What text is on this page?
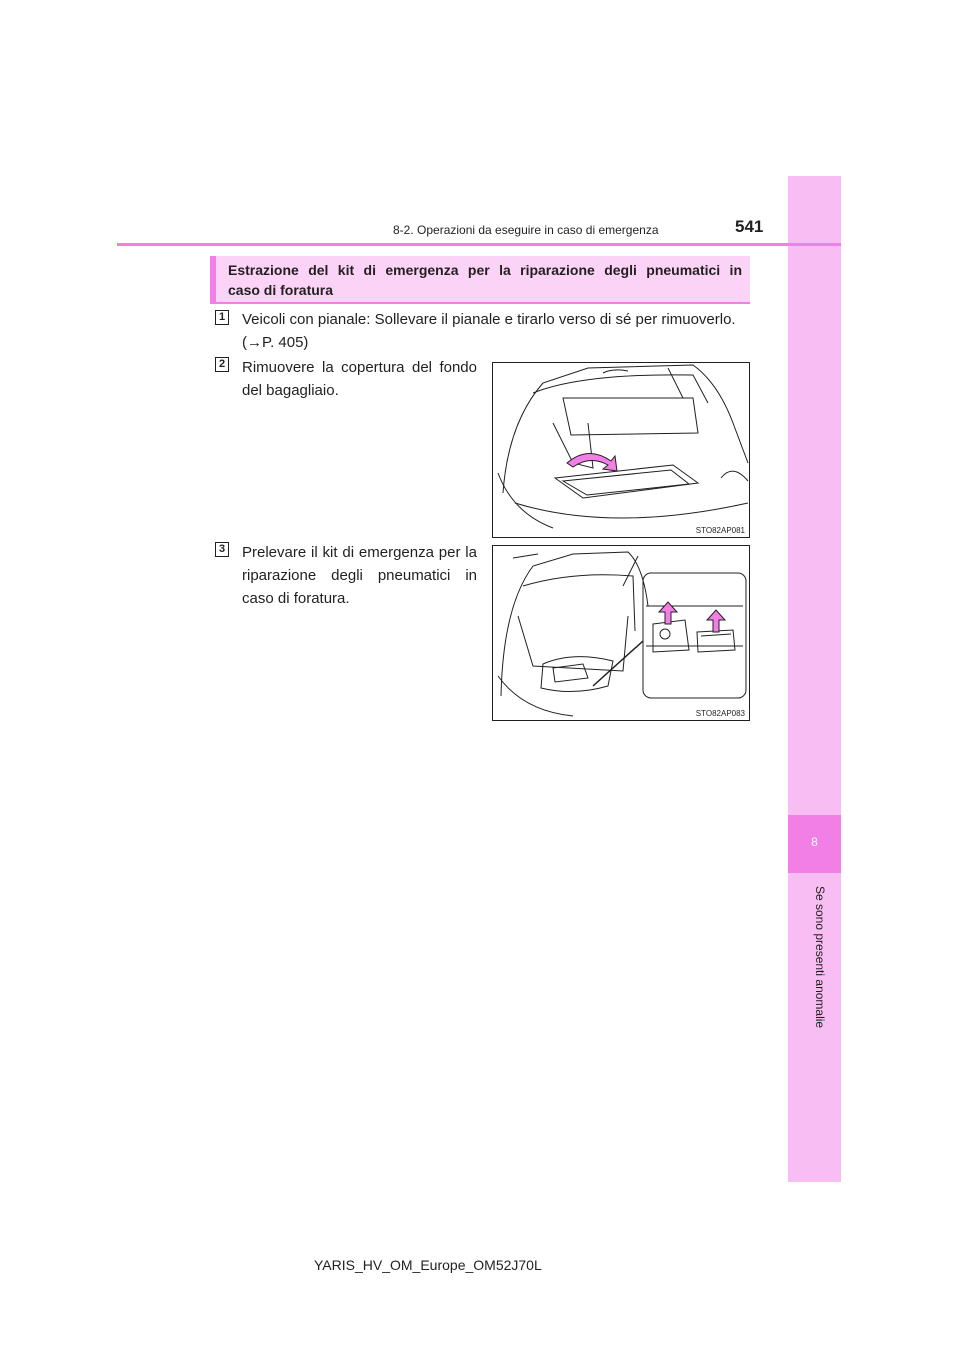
8
Se sono presenti anomalie
8-2. Operazioni da eseguire in caso di emergenza	541
Estrazione del kit di emergenza per la riparazione degli pneumatici in
caso di foratura
1 Veicoli con pianale: Sollevare il pianale e tirarlo verso di sé per rimuoverlo.
(→P. 405)
2 Rimuovere la copertura del fondo
del bagagliaio.
STO82AP081
3 Prelevare il kit di emergenza per la
riparazione degli pneumatici in
caso di foratura.
STO82AP083
YARIS_HV_OM_Europe_OM52J70L
